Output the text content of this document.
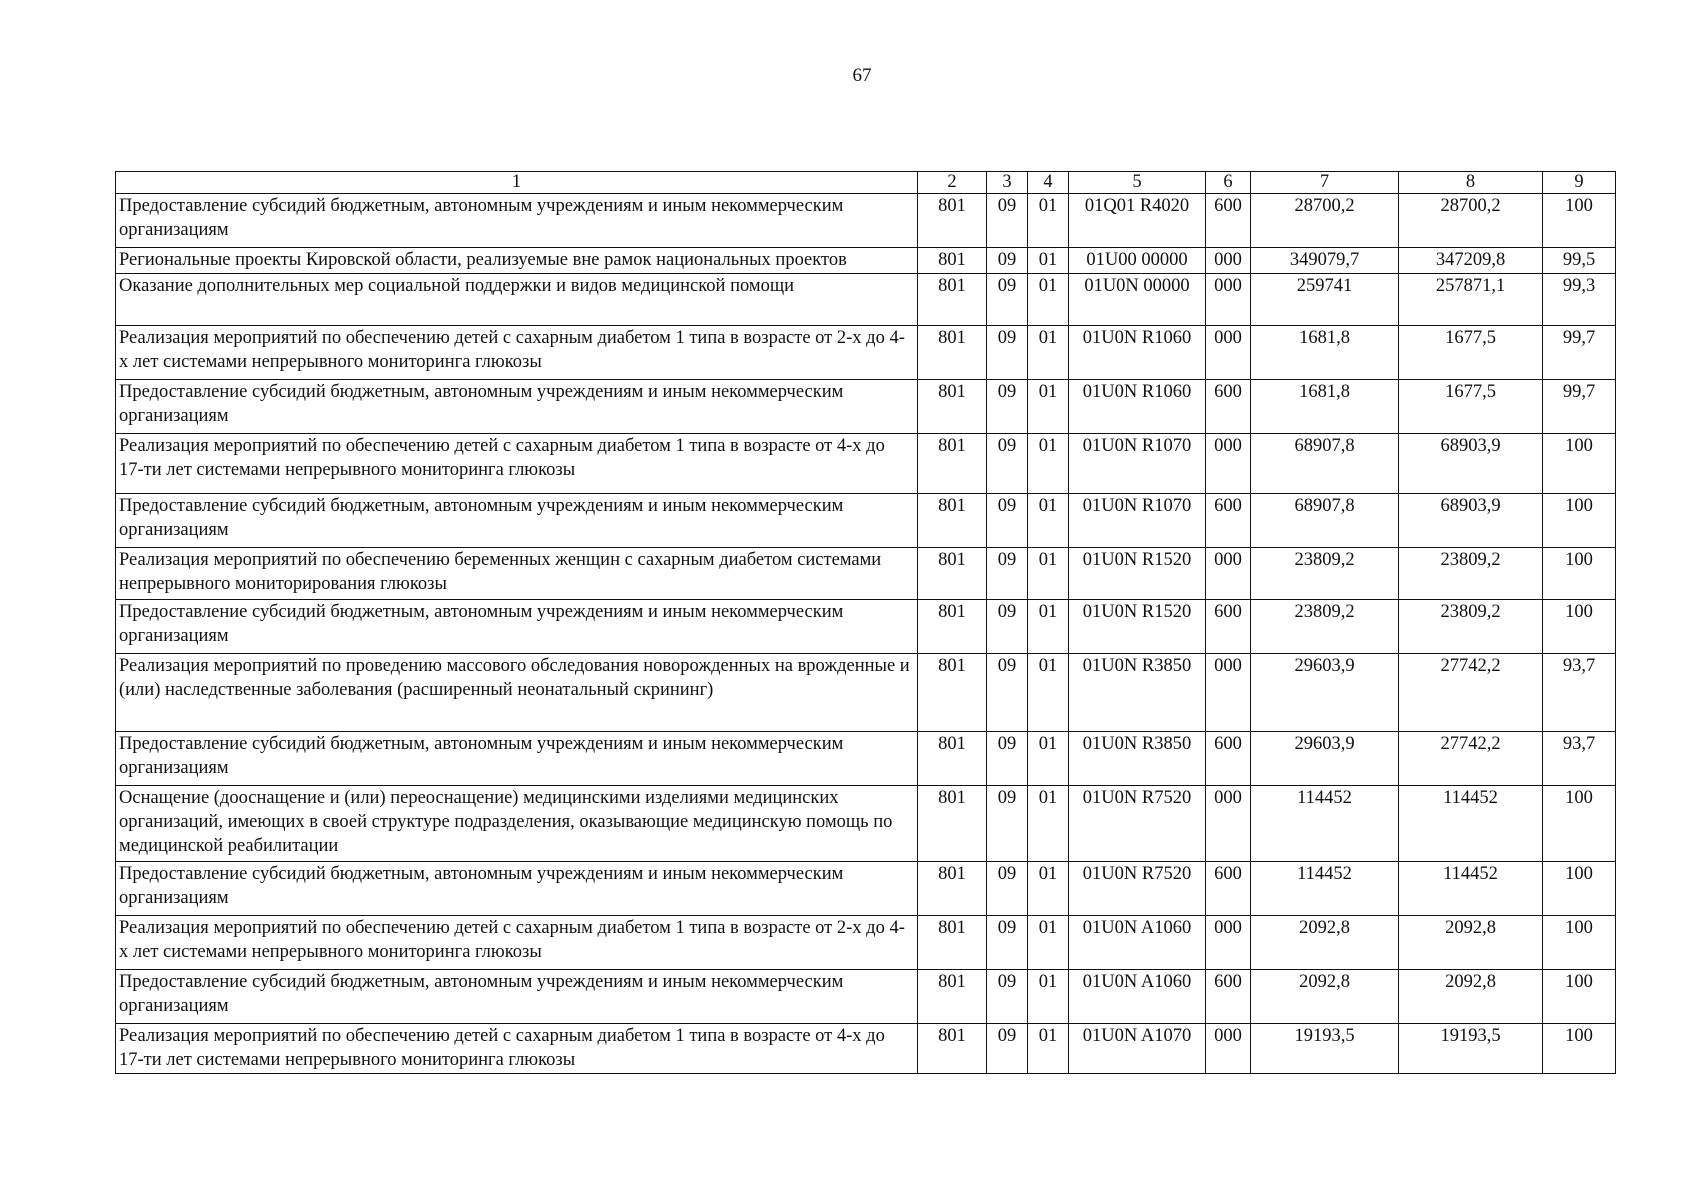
67
1	2	3	4	5	6	7	8	9
Предоставление субсидий бюджетным, автономным учреждениям и иным некоммерческим организациям	801	09	01	01Q01 R4020	600	28700,2	28700,2	100
Региональные проекты Кировской области, реализуемые вне рамок национальных проектов	801	09	01	01U00 00000	000	349079,7	347209,8	99,5
Оказание дополнительных мер социальной поддержки и видов медицинской помощи	801	09	01	01U0N 00000	000	259741	257871,1	99,3
Реализация мероприятий по обеспечению детей с сахарным диабетом 1 типа в возрасте от 2-х до 4-х лет системами непрерывного мониторинга глюкозы	801	09	01	01U0N R1060	000	1681,8	1677,5	99,7
Предоставление субсидий бюджетным, автономным учреждениям и иным некоммерческим организациям	801	09	01	01U0N R1060	600	1681,8	1677,5	99,7
Реализация мероприятий по обеспечению детей с сахарным диабетом 1 типа в возрасте от 4-х до 17-ти лет системами непрерывного мониторинга глюкозы	801	09	01	01U0N R1070	000	68907,8	68903,9	100
Предоставление субсидий бюджетным, автономным учреждениям и иным некоммерческим организациям	801	09	01	01U0N R1070	600	68907,8	68903,9	100
Реализация мероприятий по обеспечению беременных женщин с сахарным диабетом системами непрерывного мониторирования глюкозы	801	09	01	01U0N R1520	000	23809,2	23809,2	100
Предоставление субсидий бюджетным, автономным учреждениям и иным некоммерческим организациям	801	09	01	01U0N R1520	600	23809,2	23809,2	100
Реализация мероприятий по проведению массового обследования новорожденных на врожденные и (или) наследственные заболевания (расширенный неонатальный скрининг)	801	09	01	01U0N R3850	000	29603,9	27742,2	93,7
Предоставление субсидий бюджетным, автономным учреждениям и иным некоммерческим организациям	801	09	01	01U0N R3850	600	29603,9	27742,2	93,7
Оснащение (дооснащение и (или) переоснащение) медицинскими изделиями медицинских организаций, имеющих в своей структуре подразделения, оказывающие медицинскую помощь по медицинской реабилитации	801	09	01	01U0N R7520	000	114452	114452	100
Предоставление субсидий бюджетным, автономным учреждениям и иным некоммерческим организациям	801	09	01	01U0N R7520	600	114452	114452	100
Реализация мероприятий по обеспечению детей с сахарным диабетом 1 типа в возрасте от 2-х до 4-х лет системами непрерывного мониторинга глюкозы	801	09	01	01U0N A1060	000	2092,8	2092,8	100
Предоставление субсидий бюджетным, автономным учреждениям и иным некоммерческим организациям	801	09	01	01U0N A1060	600	2092,8	2092,8	100
Реализация мероприятий по обеспечению детей с сахарным диабетом 1 типа в возрасте от 4-х до 17-ти лет системами непрерывного мониторинга глюкозы	801	09	01	01U0N A1070	000	19193,5	19193,5	100
